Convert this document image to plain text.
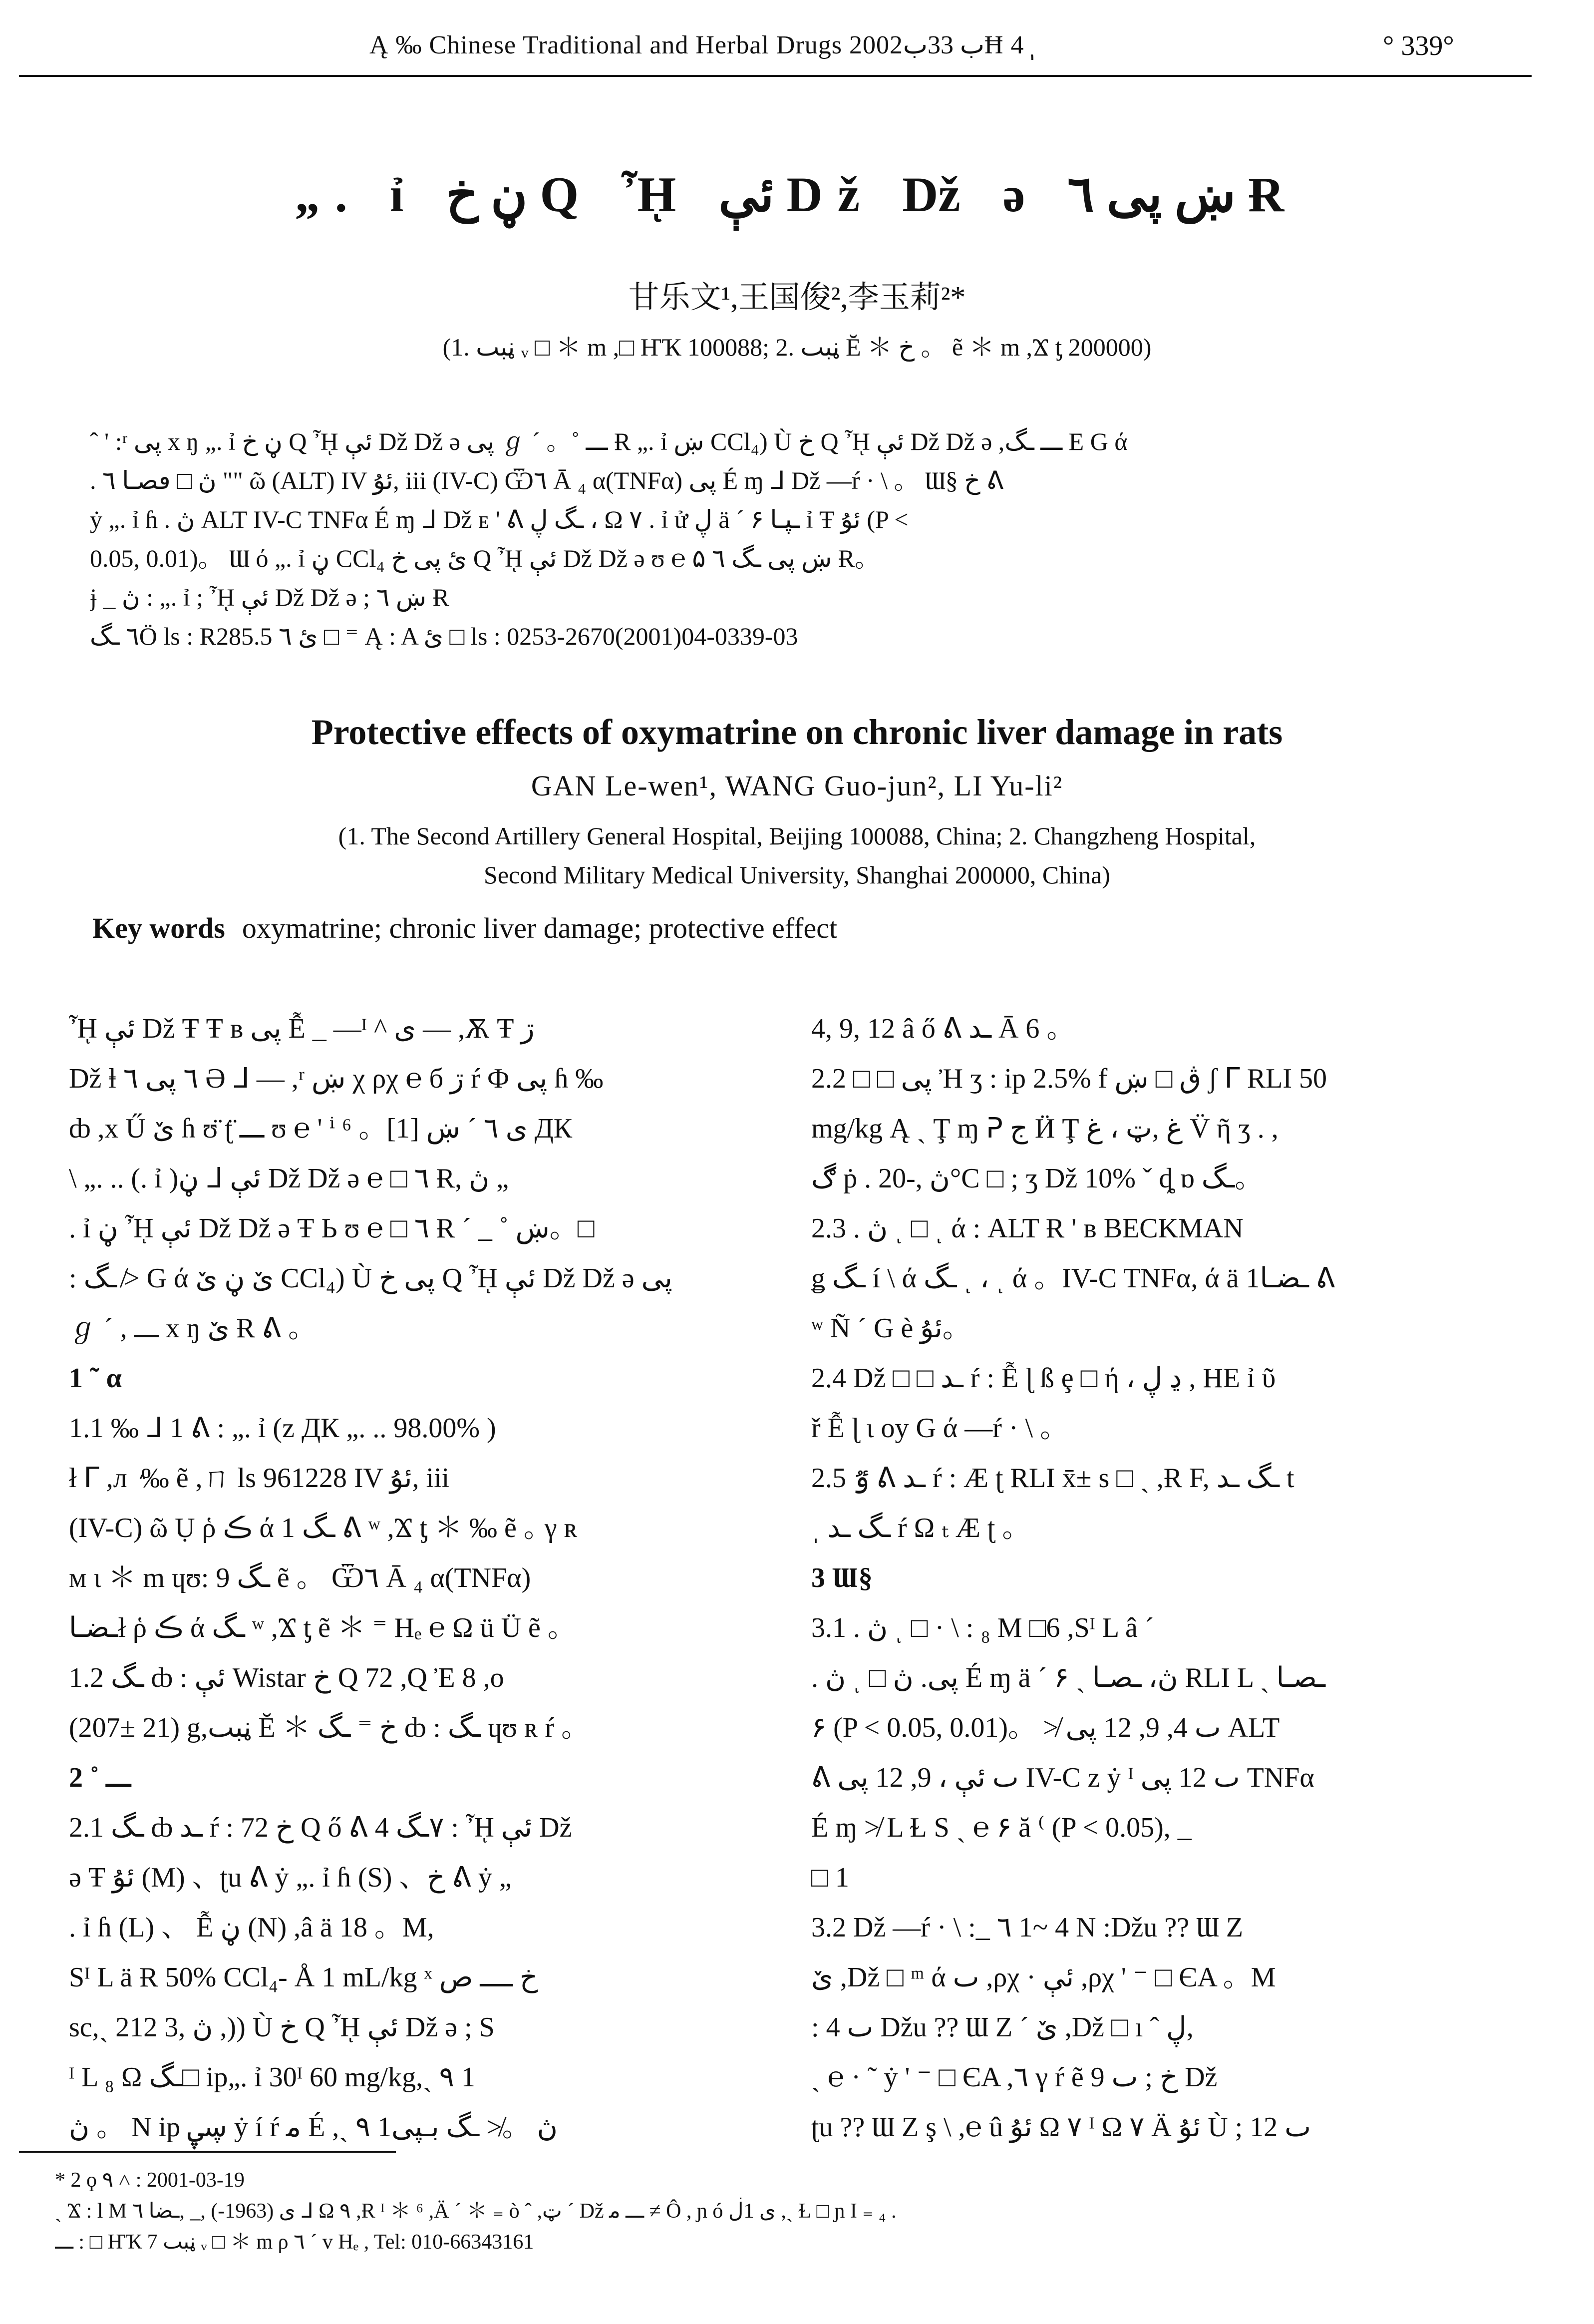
Ą ‰ Chinese Traditional and Herbal Drugs 2002ب 33بĦ 4ٖ	° 339°
„. ỉ ڼ خ Q ᾞ ئې Dž ǅ ə ښ پى ٦ Ɍ
甘乐文¹,王国俊²,李玉莉²*
(1. ڼبٮ ᵥ □ ＊ m ,□ ҤҠ 100088; 2. ڼبٮ Ĕ ＊ خ 。 ẽ ＊ m ,Ϫ ƫ 200000)

ˆ ' :ʳ پى x ŋ „. ỉ ڼ خ Q ᾞ ئې Dž ǅ ə پى ℊ ˊ 。˚ ـــ Ɍ „. ỉ ښ CCl₄) Ù خ Q ᾞ ئې Dž ǅ ə ,ـــ ـگ E G ά

. ڽ □ ٯصـا ٦ "" ῶ (ALT) IV ئۇ, iii (IV-C) Ѿ٦ Ā ₄ α(TNFα) پى É ɱ ᒧ Dž —ŕ · \ 。 Ɯ§ خ ᕕ

ẏ „. ỉ ɦ . ڽ ALT IV-C TNFα É ɱ ᒧ Dž ᴇ ' ᕕ ـگ ڸ ، Ω ٧ . ỉ ử ڸ ä ´ ۶ ـپـا ỉ Ŧ ئۇ (P <

0.05, 0.01)。 Ɯ ό „. ỉ ڼ CCl₄ ئ پى خ Q ᾞ ئې Dž ǅ ə ʊ ℮ ۵ ښ پى ـگ ٦ Ɍ。

ɉ _ ڽ : „. ỉ ; ᾞ ئې Dž ǅ ə ; ښ ٦ Ɍ

٦ ـگÖ ls : R285.5 ئ ٦ □ ⁼ Ą : A ئ □ ls : 0253-2670(2001)04-0339-03

Protective effects of oxymatrine on chronic liver damage in rats
GAN Le-wen¹, WANG Guo-jun², LI Yu-li²

(1. The Second Artillery General Hospital, Beijing 100088, China; 2. Changzheng Hospital,

Second Military Medical University, Shanghai 200000, China)

Key words oxymatrine; chronic liver damage; protective effect

ᾞ ئې Dž Ŧ Ŧ ʙ پى Ễ _ —ᴵ ^ ى — ,Ѫ Ŧ ڗ

Dž ⱡ ٦ پى ٦ Ə ᒧ — ,ʳ ښ χ ρχ ℮ б ڗ ŕ Ф پى ɦ ‰

ȸ ,x Ű ێ ɦ ʊ̈ ʈ̈ ـــ ʊ ℮ ' ⁱ ⁶ 。ى ٦ ˊ ښ [1] ДК

\ „. .. (. ỉ )ڼ ᒧ ئې Dž ǅ ə ℮ □ ٦ Ɍ, ڽ „

. ỉ ڼ ᾞ ئې Dž ǅ ə Ŧ Ь ʊ ℮ □ ٦ Ɍ ˊ _ ˚ ښ。□

: ـگ ≯ G ά ێ ڼ ێ CCl₄) Ù پى خ Q ᾞ ئې Dž ǅ ə پى

ℊ ˊ , ـــ x ŋ ێ Ɍ ᕕ 。

1 ˜ α

1.1 ‰ ᒧ 1 ᕕ : „. ỉ (z ДК „. .. 98.00% )

ł ᒥ ,л ٛ ‰ ẽ ,ㄇ ls 961228 IV ئۇ, iii

(IV-C) ῶ Ụ ῥ ڪ ά ـگ 1 ᕕ ʷ ,Ϫ ƫ ＊ ‰ ẽ ｡ γ ʀ

ᴍ ι ＊ m ɥʊ: ـگ 9 ẽ 。 Ѿ٦ Ā ₄ α(TNFα)

ـضـاł ῥ ڪ ά ـگ ʷ ,Ϫ ƫ ẽ ＊ ⁼ Hₑ ℮ Ω ü Ü ẽ 。

1.2 ـگ ȸ : ئې Wistar خ Q 72 ,Q Ἐ 8 ,o

(207± 21) g,ڼبٮ Ĕ ＊ خ ⁼ ـگ ȸ : ـگ ɥʊ ʀ ŕ 。

2 ˚ ـــ

2.1 ـگ ȸ ـد ŕ : 72 خ Q ő ᕕ ٧ـگ 4 : ᾞ ئې Dž

ə Ŧ ئۇ (M) 、ʈu ᕕ ẏ „. ỉ ɦ (S) 、خ ᕕ ẏ „

. ỉ ɦ (L) 、 Ễ ڼ (N) ,â ä 18 。M,

Sᴵ L ä Ɍ 50% CCl₄- Å 1 mL/kg ˣ خ ــــ ص

sc,ˎ 2ڽ ,3 12 ,)) Ù خ Q ᾞ ئې Dž ə ; S

ᴵ L ₈ Ω ـگ□ ip„. ỉ 30ᴵ 60 mg/kg,ˎ ٩ 1

ڽ 。 N ip ڛۑ ẏ í ŕ ﻣ É ,ˎ ٩ 1ڽ 。≯ ـگ بـپى

4, 9, 12 â ő ᕕ ـد Ā 6 。

2.2 □ □ پى Ἠ ʒ : ip 2.5% f ڨ □ ښ ʃ ᒥ RLI 50

mg/kg Ą ˏ Ţ ɱ ᕈ ج Ӥ Ţ غ ,ټ ، غ V̈ ῆ ʒ . ,

ڰ ṗ . ڽ ,-20°C □ ; ʒ Dž 10% ˇ ȡ ɒ ـگ。

2.3 . ڽ ͺ □ ͺ ά : ALT Ɍ ' ʙ BECKMAN

ǥ ـگ í \ ά ـگ ͺ ، ͺ ά 。IV-C TNFα, ά ä ـضـا1 ᕕ

ʷ Ñ ´ G è ئۇ。

2.4 Dž □ □ ـد ŕ : Ễ ɭ ß ȩ □ ή ، ڍ ڸ , HE ỉ ῦ

ř Ễ ɭ ɩ oy G ά —ŕ · \ 。

2.5 ٷ ᕕ ـد ŕ : Æ ʈ RLI x̄± s □ ˎ ,Ɍ F, ـگ ـد t

ˌ ـگ ـد ŕ Ω ₜ Æ ʈ 。

3 Ɯ§

3.1 . ڽ ͺ □ · \ : ₈ M □6 ,Sᴵ L â ´

. ڽ ͺ □ پى. ڽ É ɱ ä ´ ۶ ˎ ڽ، ـصـا RLI L ˎ ـصـا

۶ (P < 0.05, 0.01)。 ≯ ٮ 4, 9, 12 پى ALT

ᕕ ٮ ئې ، 9, 12 پى IV-C z ẏ ᴵ ٮ 12 پى TNFα

É ɱ ≯ L Ɫ S ˎ ℮ ۶ ă ⁽ (P < 0.05), _

□ 1

3.2 Dž —ŕ · \ :_ ٦ 1~ 4 N :Džu ?? Ɯ Ζ

ێ ,Dž □ ᵐ ά ٮ ,ρχ · ئې ,ρχ ' ⁻ □ ЄA 。M

: ٮ 4 Džu ?? Ɯ Ζ ´ ێ ,Dž □ ı ˆ ڸ,

ˎ ℮ · ˜ ẏ ' ⁻ □ ЄA ,٦ γ ŕ ẽ خ ; ٮ 9 Dž

ʈu ?? Ɯ Ζ ş \ ,℮ û ئۇ Ω ٧ ᴵ Ω ٧ Ä ئۇ Ù ; ٮ 12

* 2 ϙ ٩ ˄ : 2001-03-19

ˎ Ϫ : l M ى (1963-) ,_ ,ـضا ٦ ᒧ Ω ٩ ,Ɍ ᴵ ＊ ⁶ ,Ä ˊ ＊ ₌ ò ˆ ,ټ ˊ Dž ـــ ﻣ ≠ Ô , ɲ ó ى 1ڶ ,ˎ Ɫ □ ɲ Ι ₌ ₄ .

ـــ : □ ҤҠ 7 ڼبٮ ᵥ □ ＊ m ρ ٦ ˊ ᴠ Hₑ , Tel: 010-66343161
